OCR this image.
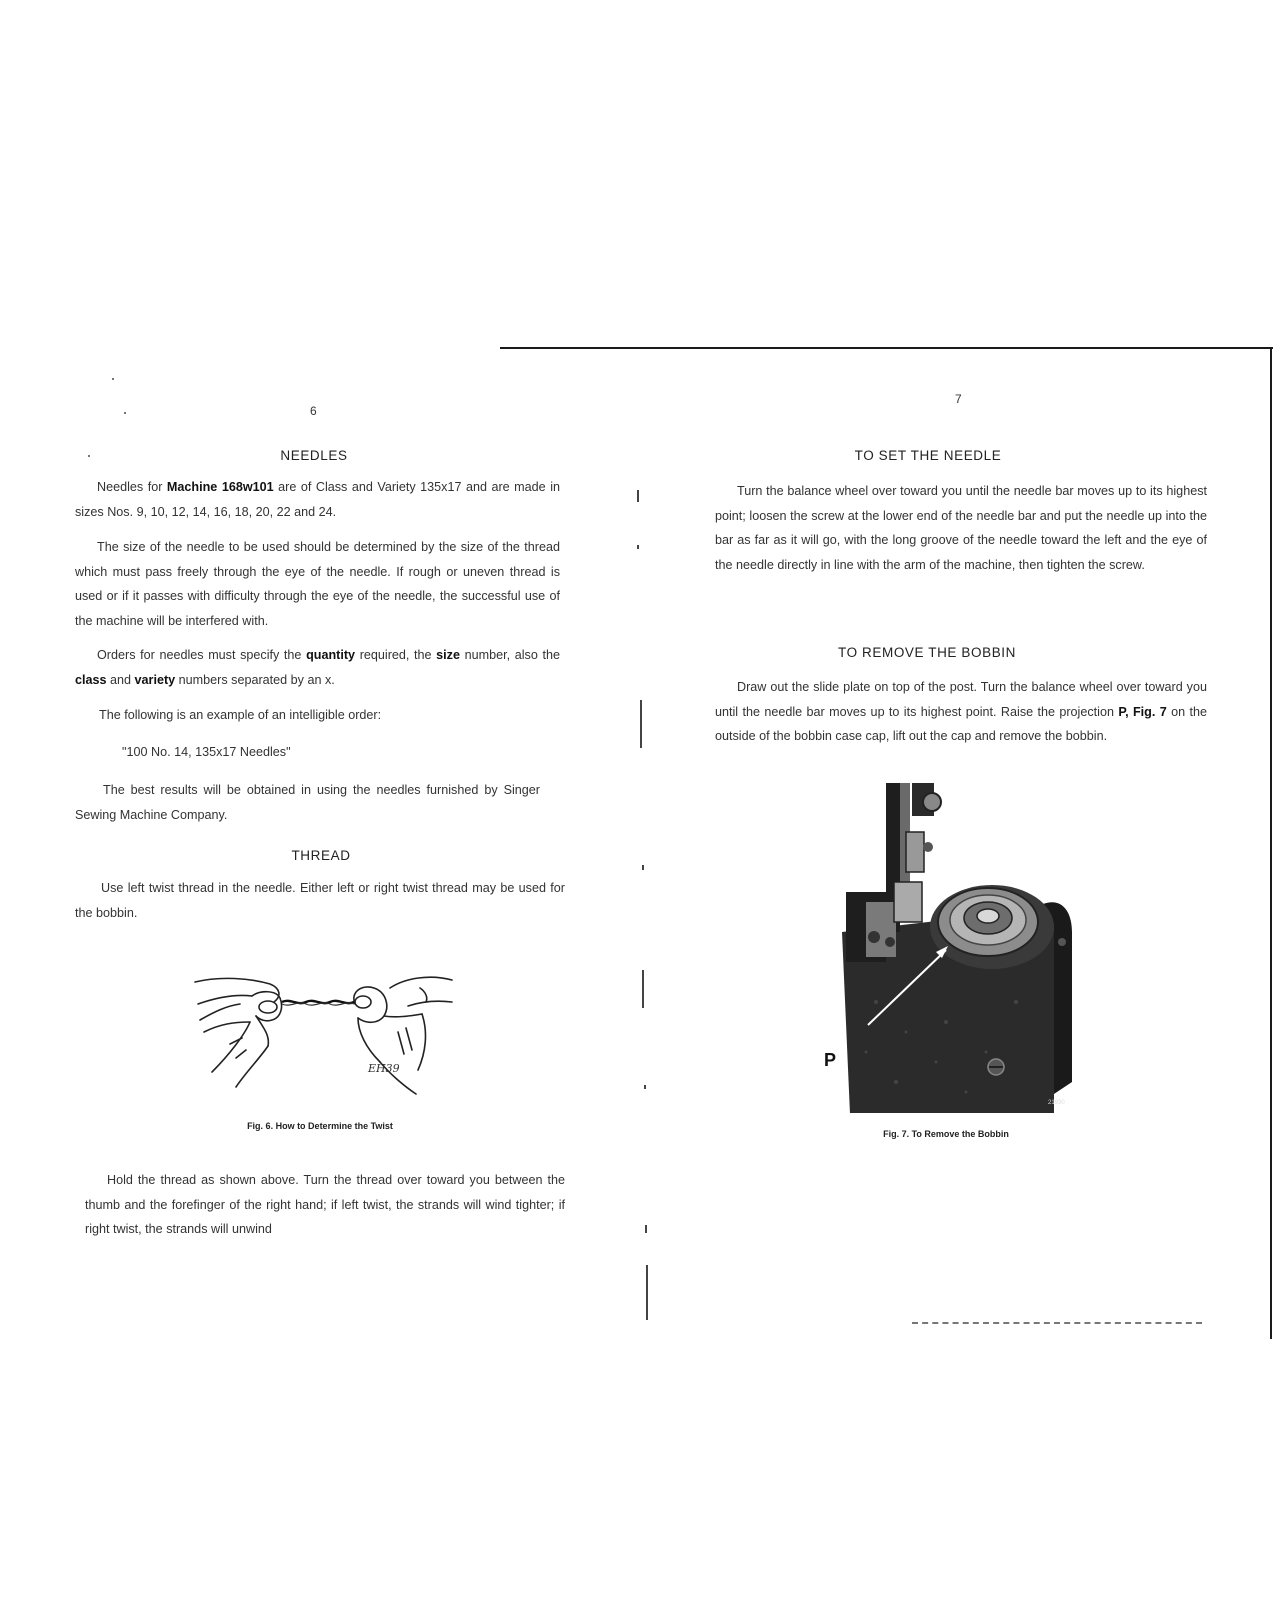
6
NEEDLES

Needles for Machine 168w101 are of Class and Variety 135x17 and are made in sizes Nos. 9, 10, 12, 14, 16, 18, 20, 22 and 24.

The size of the needle to be used should be determined by the size of the thread which must pass freely through the eye of the needle. If rough or uneven thread is used or if it passes with difficulty through the eye of the needle, the successful use of the machine will be interfered with.

Orders for needles must specify the quantity required, the size number, also the class and variety numbers separated by an x.

The following is an example of an intelligible order:

"100 No. 14, 135x17 Needles"

The best results will be obtained in using the needles furnished by Singer Sewing Machine Company.

THREAD

Use left twist thread in the needle. Either left or right twist thread may be used for the bobbin.

EH39
Fig. 6. How to Determine the Twist

Hold the thread as shown above. Turn the thread over toward you between the thumb and the forefinger of the right hand; if left twist, the strands will wind tighter; if right twist, the strands will unwind

7
TO SET THE NEEDLE

Turn the balance wheel over toward you until the needle bar moves up to its highest point; loosen the screw at the lower end of the needle bar and put the needle up into the bar as far as it will go, with the long groove of the needle toward the left and the eye of the needle directly in line with the arm of the machine, then tighten the screw.

TO REMOVE THE BOBBIN

Draw out the slide plate on top of the post. Turn the balance wheel over toward you until the needle bar moves up to its highest point. Raise the projection P, Fig. 7 on the outside of the bobbin case cap, lift out the cap and remove the bobbin.

P
21930
Fig. 7. To Remove the Bobbin
